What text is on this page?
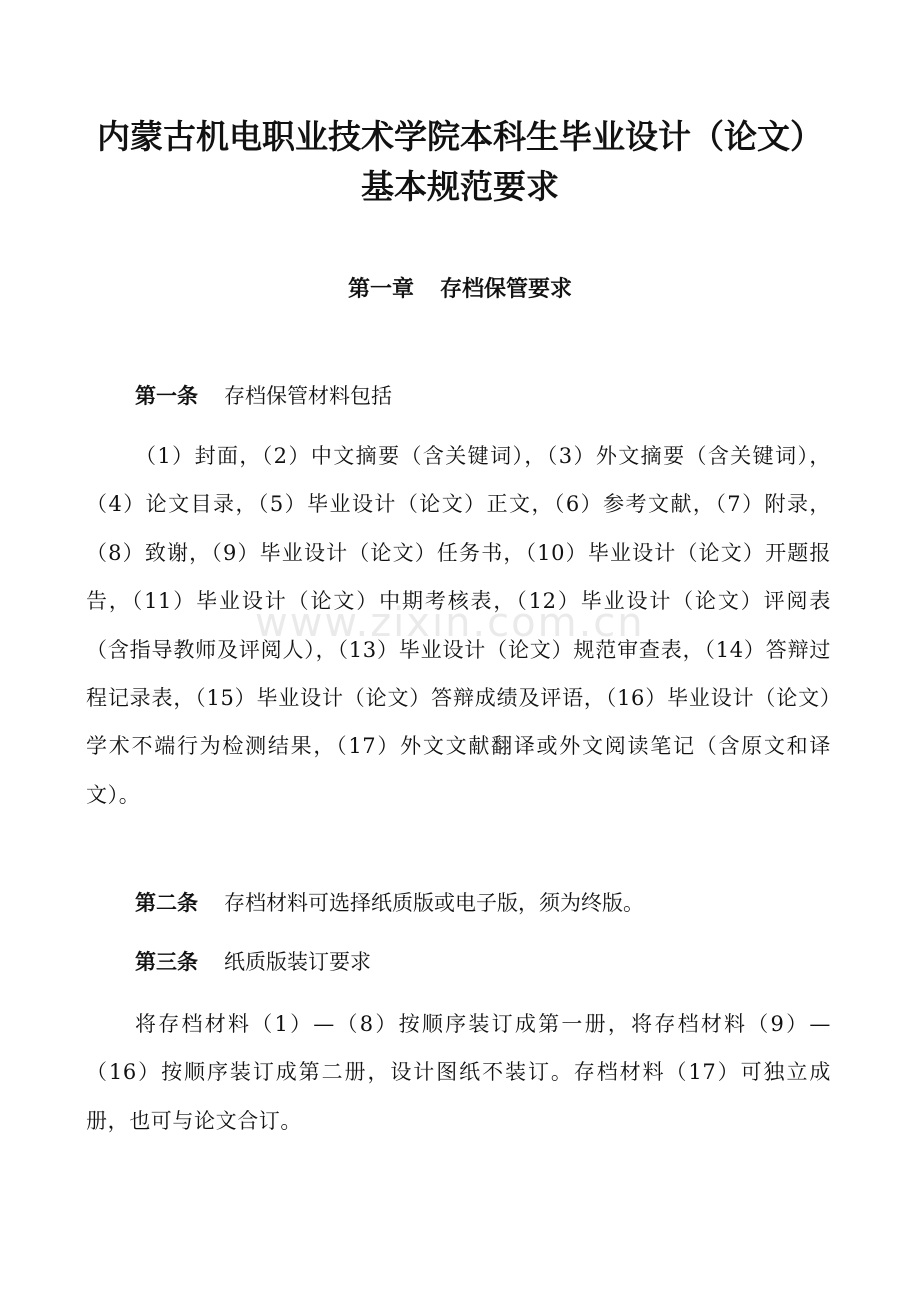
内蒙古机电职业技术学院本科生毕业设计（论文）
基本规范要求
第一章 存档保管要求
第一条 存档保管材料包括
（1）封面，（2）中文摘要（含关键词），（3）外文摘要（含关键词），（4）论文目录，（5）毕业设计（论文）正文，（6）参考文献，（7）附录，（8）致谢，（9）毕业设计（论文）任务书，（10）毕业设计（论文）开题报告，（11）毕业设计（论文）中期考核表，（12）毕业设计（论文）评阅表（含指导教师及评阅人），（13）毕业设计（论文）规范审查表，（14）答辩过程记录表，（15）毕业设计（论文）答辩成绩及评语，（16）毕业设计（论文）学术不端行为检测结果，（17）外文文献翻译或外文阅读笔记（含原文和译文）。
第二条 存档材料可选择纸质版或电子版，须为终版。
第三条 纸质版装订要求
将存档材料（1）—（8）按顺序装订成第一册，将存档材料（9）—（16）按顺序装订成第二册，设计图纸不装订。存档材料（17）可独立成册，也可与论文合订。
www.zixin.com.cn
